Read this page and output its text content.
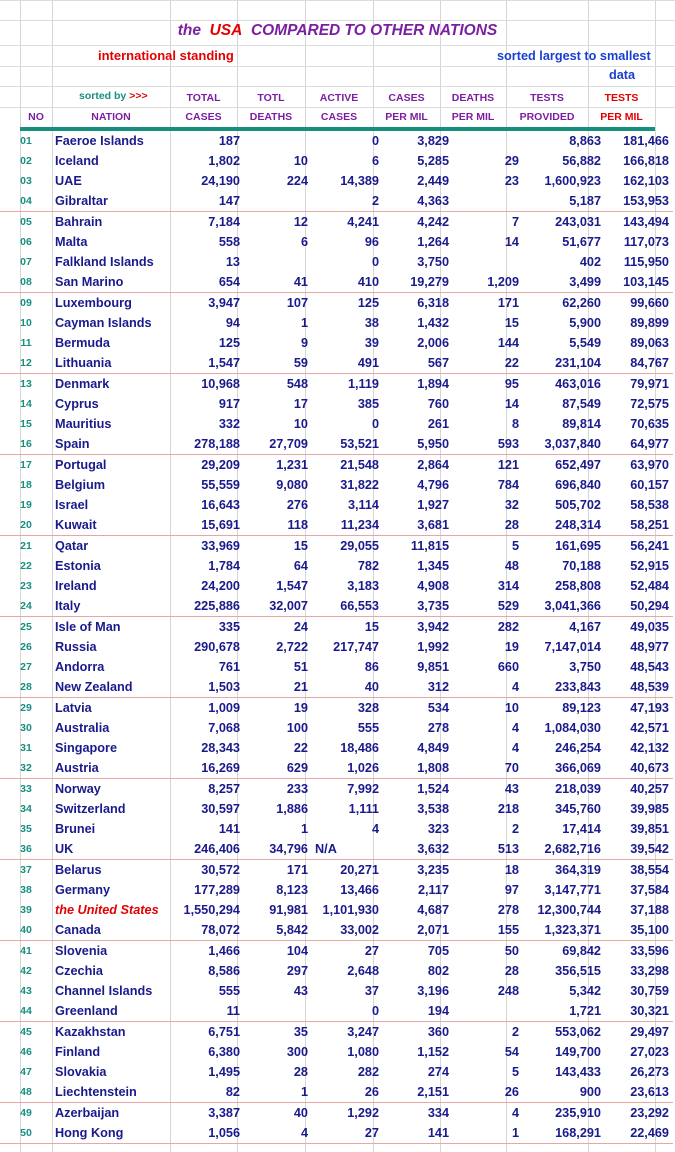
the USA COMPARED TO OTHER NATIONS
international standing	sorted largest to smallest
data
sorted by >>>	TOTAL	TOTL	ACTIVE	CASES	DEATHS	TESTS	TESTS
NO	NATION	CASES	DEATHS	CASES	PER MIL	PER MIL	PROVIDED	PER MIL
01	Faeroe Islands	187		0	3,829		8,863	181,466
02	Iceland	1,802	10	6	5,285	29	56,882	166,818
03	UAE	24,190	224	14,389	2,449	23	1,600,923	162,103
04	Gibraltar	147		2	4,363		5,187	153,953
05	Bahrain	7,184	12	4,241	4,242	7	243,031	143,494
06	Malta	558	6	96	1,264	14	51,677	117,073
07	Falkland Islands	13		0	3,750		402	115,950
08	San Marino	654	41	410	19,279	1,209	3,499	103,145
09	Luxembourg	3,947	107	125	6,318	171	62,260	99,660
10	Cayman Islands	94	1	38	1,432	15	5,900	89,899
11	Bermuda	125	9	39	2,006	144	5,549	89,063
12	Lithuania	1,547	59	491	567	22	231,104	84,767
13	Denmark	10,968	548	1,119	1,894	95	463,016	79,971
14	Cyprus	917	17	385	760	14	87,549	72,575
15	Mauritius	332	10	0	261	8	89,814	70,635
16	Spain	278,188	27,709	53,521	5,950	593	3,037,840	64,977
17	Portugal	29,209	1,231	21,548	2,864	121	652,497	63,970
18	Belgium	55,559	9,080	31,822	4,796	784	696,840	60,157
19	Israel	16,643	276	3,114	1,927	32	505,702	58,538
20	Kuwait	15,691	118	11,234	3,681	28	248,314	58,251
21	Qatar	33,969	15	29,055	11,815	5	161,695	56,241
22	Estonia	1,784	64	782	1,345	48	70,188	52,915
23	Ireland	24,200	1,547	3,183	4,908	314	258,808	52,484
24	Italy	225,886	32,007	66,553	3,735	529	3,041,366	50,294
25	Isle of Man	335	24	15	3,942	282	4,167	49,035
26	Russia	290,678	2,722	217,747	1,992	19	7,147,014	48,977
27	Andorra	761	51	86	9,851	660	3,750	48,543
28	New Zealand	1,503	21	40	312	4	233,843	48,539
29	Latvia	1,009	19	328	534	10	89,123	47,193
30	Australia	7,068	100	555	278	4	1,084,030	42,571
31	Singapore	28,343	22	18,486	4,849	4	246,254	42,132
32	Austria	16,269	629	1,026	1,808	70	366,069	40,673
33	Norway	8,257	233	7,992	1,524	43	218,039	40,257
34	Switzerland	30,597	1,886	1,111	3,538	218	345,760	39,985
35	Brunei	141	1	4	323	2	17,414	39,851
36	UK	246,406	34,796	N/A	3,632	513	2,682,716	39,542
37	Belarus	30,572	171	20,271	3,235	18	364,319	38,554
38	Germany	177,289	8,123	13,466	2,117	97	3,147,771	37,584
39	the United States	1,550,294	91,981	1,101,930	4,687	278	12,300,744	37,188
40	Canada	78,072	5,842	33,002	2,071	155	1,323,371	35,100
41	Slovenia	1,466	104	27	705	50	69,842	33,596
42	Czechia	8,586	297	2,648	802	28	356,515	33,298
43	Channel Islands	555	43	37	3,196	248	5,342	30,759
44	Greenland	11		0	194		1,721	30,321
45	Kazakhstan	6,751	35	3,247	360	2	553,062	29,497
46	Finland	6,380	300	1,080	1,152	54	149,700	27,023
47	Slovakia	1,495	28	282	274	5	143,433	26,273
48	Liechtenstein	82	1	26	2,151	26	900	23,613
49	Azerbaijan	3,387	40	1,292	334	4	235,910	23,292
50	Hong Kong	1,056	4	27	141	1	168,291	22,469
